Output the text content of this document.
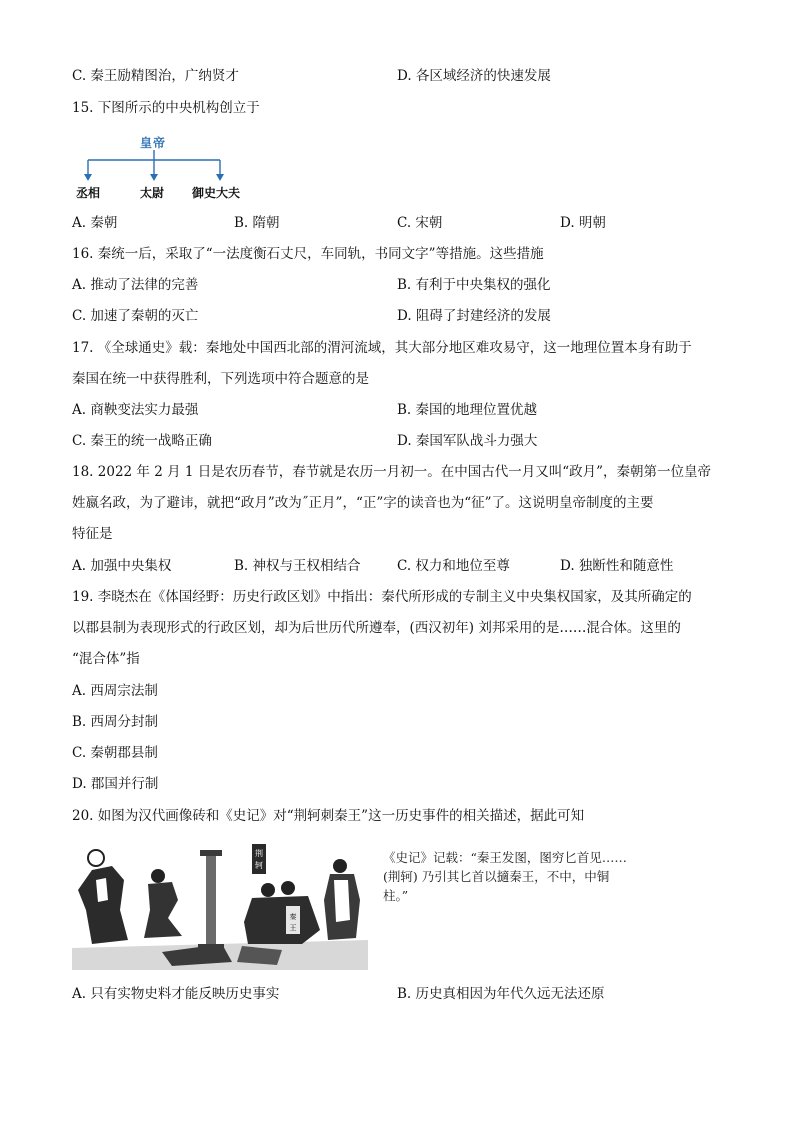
C. 秦王励精图治，广纳贤才	D. 各区域经济的快速发展
15. 下图所示的中央机构创立于
皇帝
丞相	太尉 御史大夫
A. 秦朝	B. 隋朝	C. 宋朝	D. 明朝
16. 秦统一后，采取了“一法度衡石丈尺，车同轨，书同文字”等措施。这些措施
A. 推动了法律的完善	B. 有利于中央集权的强化
C. 加速了秦朝的灭亡	D. 阻碍了封建经济的发展
17. 《全球通史》载：秦地处中国西北部的渭河流域，其大部分地区难攻易守，这一地理位置本身有助于
秦国在统一中获得胜利，下列选项中符合题意的是
A. 商鞅变法实力最强	B. 秦国的地理位置优越
C. 秦王的统一战略正确	D. 秦国军队战斗力强大
18. 2022 年 2 月 1 日是农历春节，春节就是农历一月初一。在中国古代一月又叫“政月”，秦朝第一位皇帝
姓嬴名政，为了避讳，就把“政月”改为˝正月”，“正”字的读音也为“征”了。这说明皇帝制度的主要
特征是
A. 加强中央集权	B. 神权与王权相结合	C. 权力和地位至尊	D. 独断性和随意性
19. 李晓杰在《体国经野：历史行政区划》中指出：秦代所形成的专制主义中央集权国家，及其所确定的
以郡县制为表现形式的行政区划，却为后世历代所遵奉，(西汉初年) 刘邦采用的是……混合体。这里的
“混合体”指
A. 西周宗法制
B. 西周分封制
C. 秦朝郡县制
D. 郡国并行制
20. 如图为汉代画像砖和《史记》对“荆轲刺秦王”这一历史事件的相关描述，据此可知
荆
轲
秦
王
《史记》记载：“秦王发图，图穷匕首见……(荆轲) 乃引其匕首以擿秦王，不中，中铜柱。”
A. 只有实物史料才能反映历史事实	B. 历史真相因为年代久远无法还原
